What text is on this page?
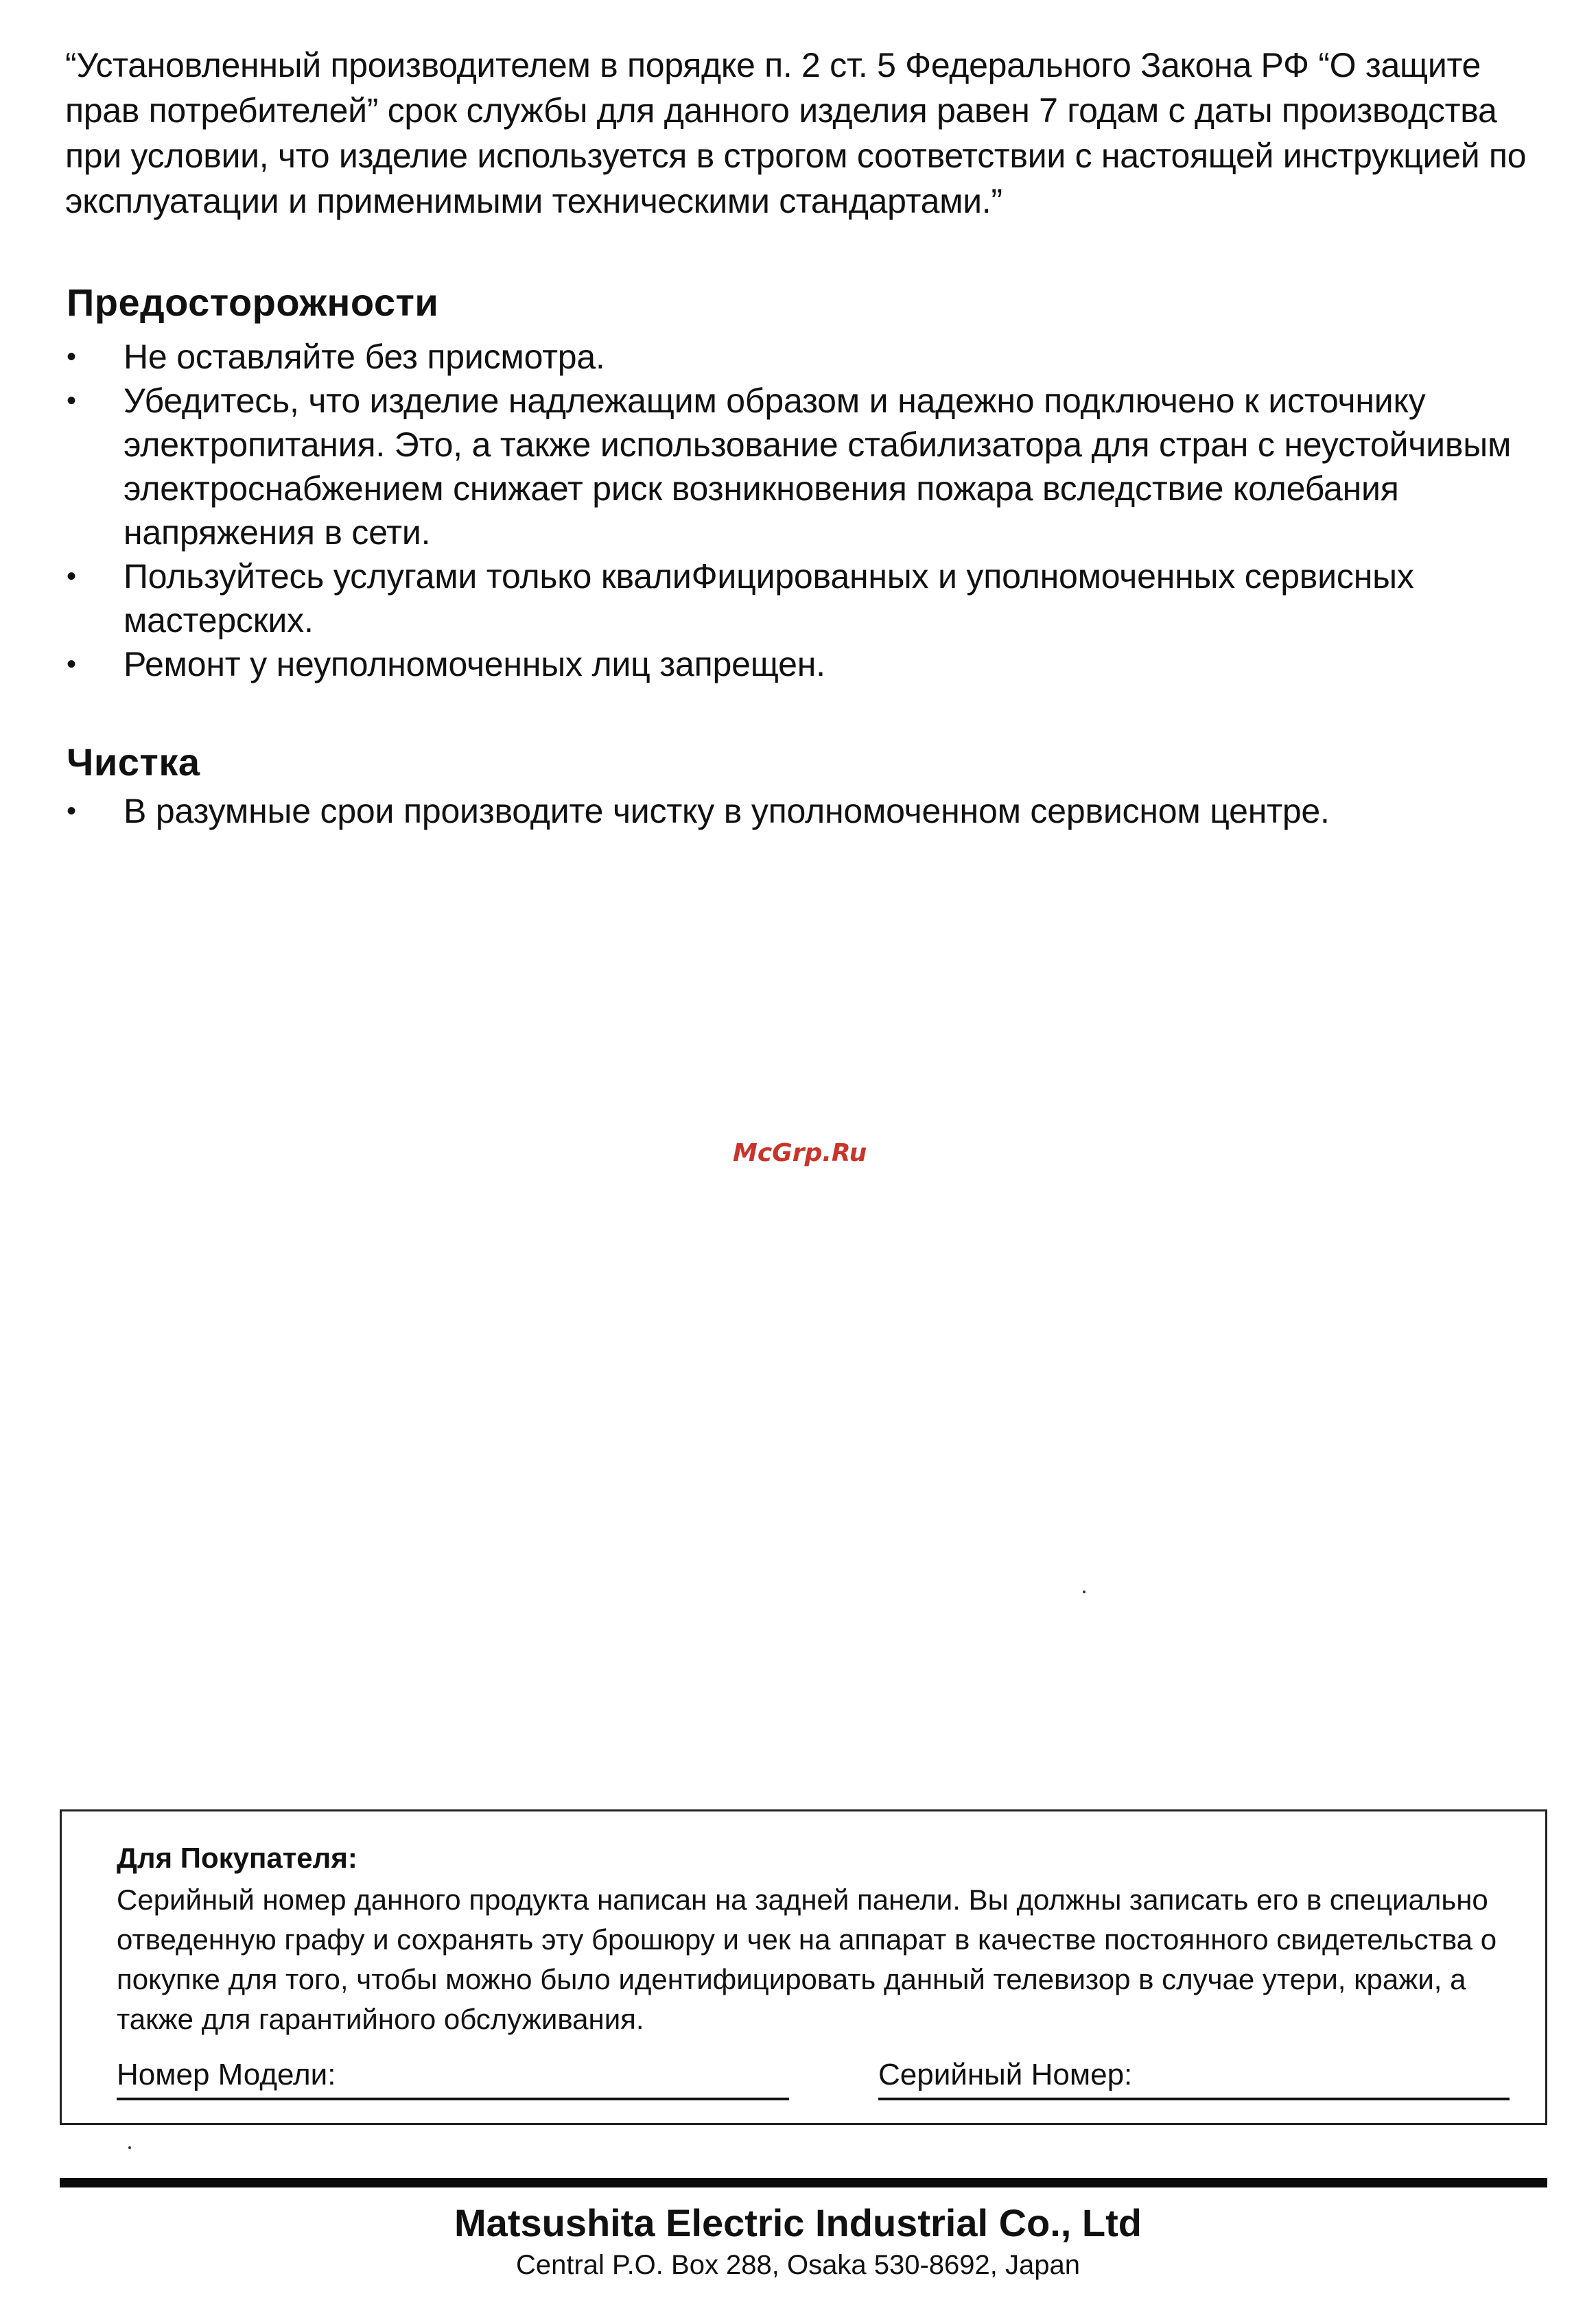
“Установленный производителем в порядке п. 2 ст. 5 Федерального Закона РФ “О защите прав потребителей” срок службы для данного изделия равен 7 годам с даты производства при условии, что изделие используется в строгом соответствии с настоящей инструкцией по эксплуатации и применимыми техническими стандартами.”

Предосторожности
• Не оставляйте без присмотра.
• Убедитесь, что изделие надлежащим образом и надежно подключено к источнику электропитания. Это, а также использование стабилизатора для стран с неустойчивым электроснабжением снижает риск возникновения пожара вследствие колебания напряжения в сети.
• Пользуйтесь услугами только квалиФицированных и уполномоченных сервисных мастерских.
• Ремонт у неуполномоченных лиц запрещен.
Чистка
• В разумные срои производите чистку в уполномоченном сервисном центре.
McGrp.Ru

Для Покупателя:

Серийный номер данного продукта написан на задней панели. Вы должны записать его в специально отведенную графу и сохранять эту брошюру и чек на аппарат в качестве постоянного свидетельства о покупке для того, чтобы можно было идентифицировать данный телевизор в случае утери, кражи, а также для гарантийного обслуживания.

Номер Модели:	Серийный Номер:
Matsushita Electric Industrial Co., Ltd
Central P.O. Box 288, Osaka 530-8692, Japan
